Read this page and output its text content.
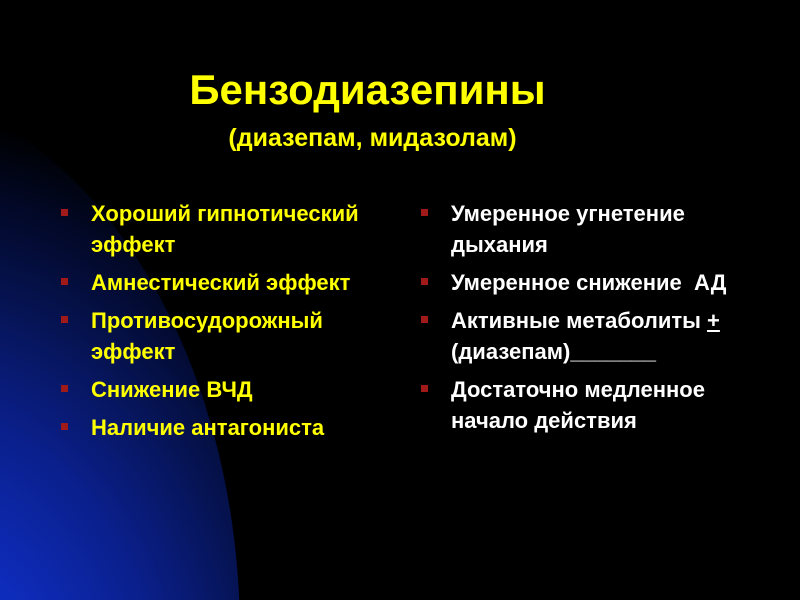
Бензодиазепины
(диазепам, мидазолам)
Хороший гипнотический эффект
Амнестический эффект
Противосудорожный эффект
Снижение ВЧД
Наличие антагониста
Умеренное угнетение дыхания
Умеренное снижение  АД
Активные метаболиты + (диазепам)_______
Достаточно медленное начало действия
